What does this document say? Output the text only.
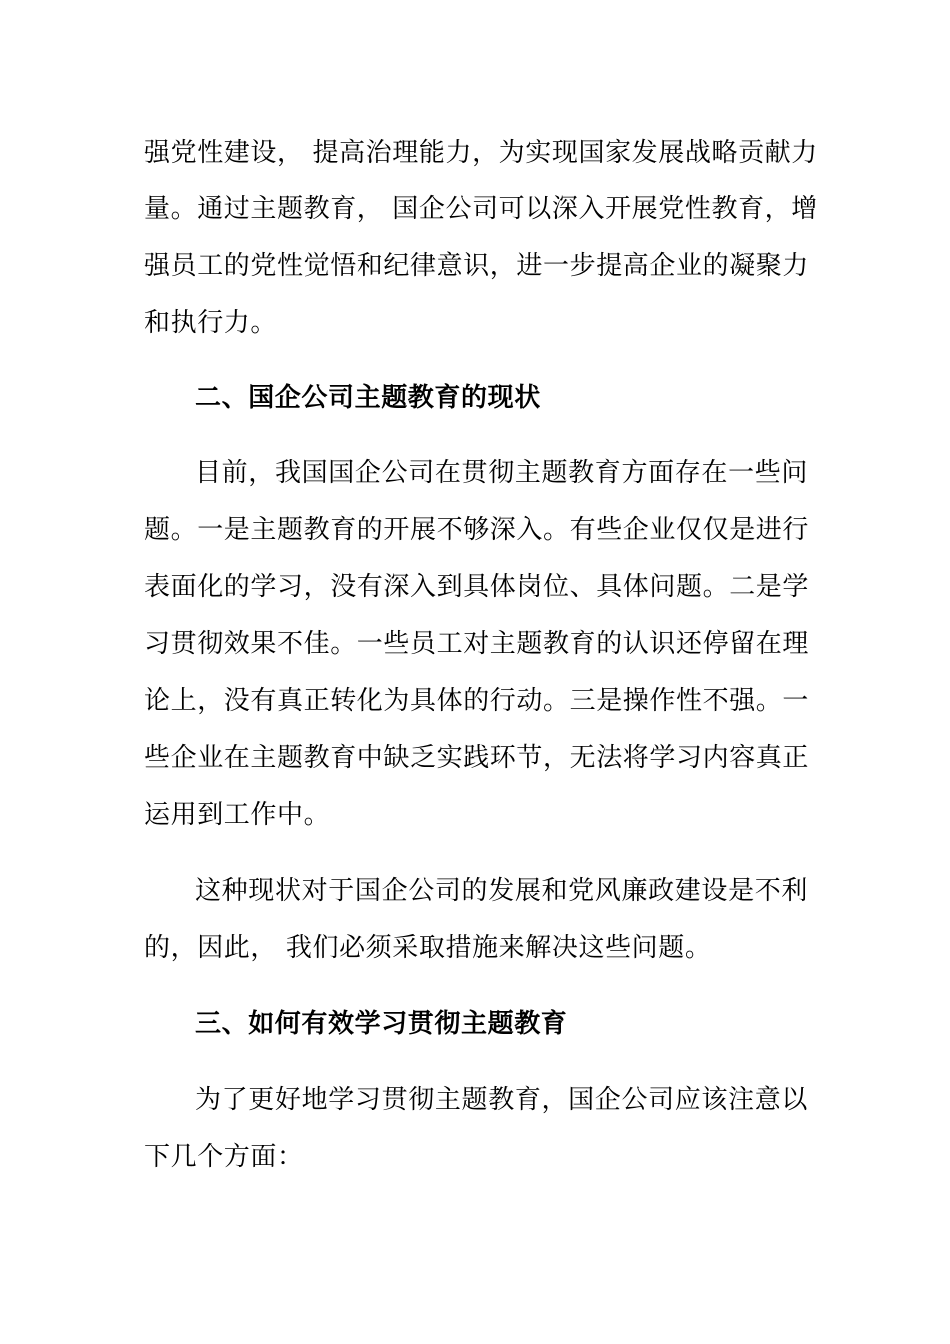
强党性建设， 提高治理能力，为实现国家发展战略贡献力
量。通过主题教育， 国企公司可以深入开展党性教育，增
强员工的党性觉悟和纪律意识，进一步提高企业的凝聚力
和执行力。
二、国企公司主题教育的现状
目前，我国国企公司在贯彻主题教育方面存在一些问
题。一是主题教育的开展不够深入。有些企业仅仅是进行
表面化的学习，没有深入到具体岗位、具体问题。二是学
习贯彻效果不佳。一些员工对主题教育的认识还停留在理
论上，没有真正转化为具体的行动。三是操作性不强。一
些企业在主题教育中缺乏实践环节，无法将学习内容真正
运用到工作中。
这种现状对于国企公司的发展和党风廉政建设是不利
的，因此， 我们必须采取措施来解决这些问题。
三、如何有效学习贯彻主题教育
为了更好地学习贯彻主题教育，国企公司应该注意以
下几个方面：
